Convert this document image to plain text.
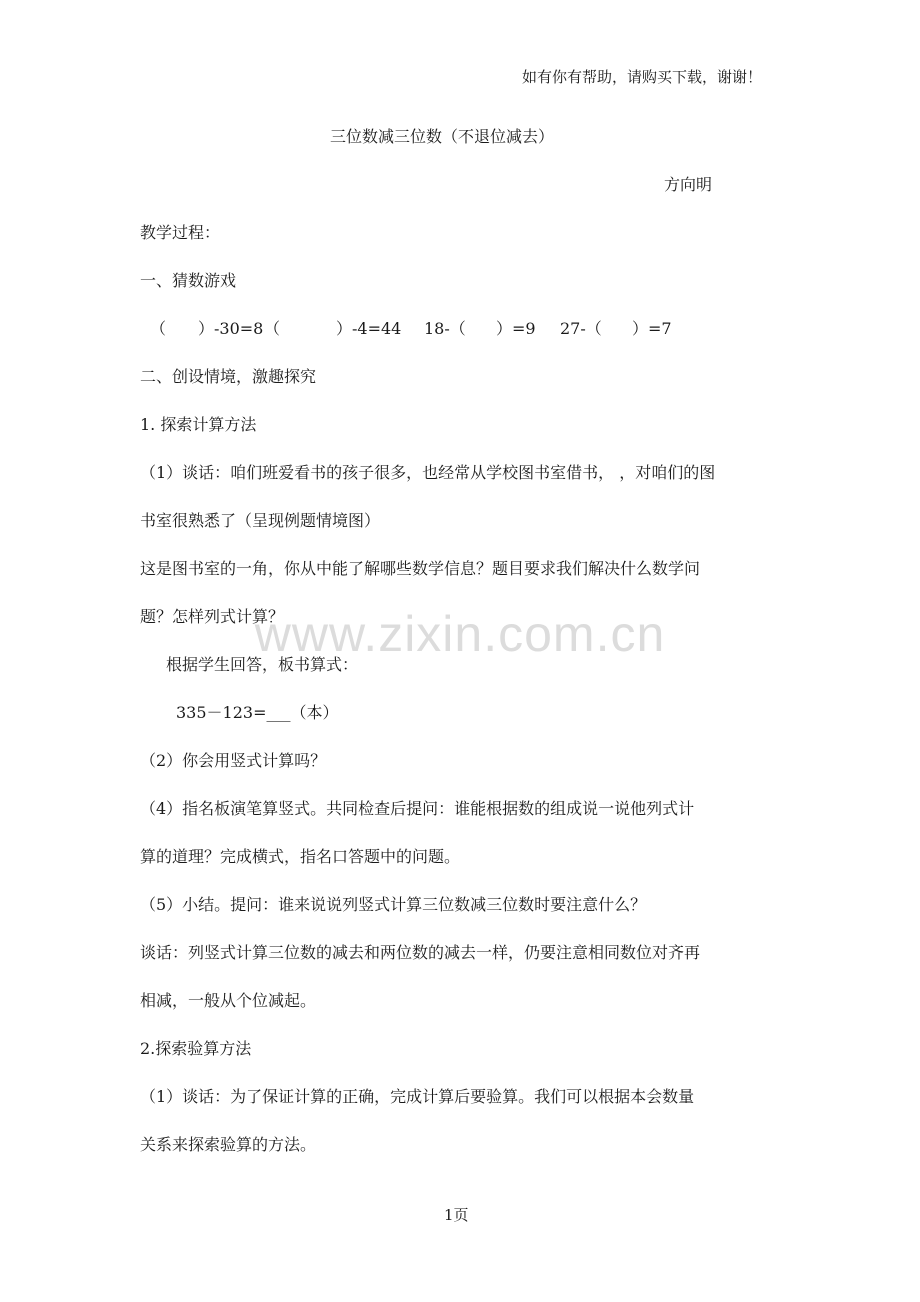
www.zixin.com.cn
如有你有帮助，请购买下载，谢谢！
三位数减三位数（不退位减去）
方向明
教学过程：
一、猜数游戏
（ ）-30=8 （	）-4=44 18-（ ）=9 27-（ ）=7
二、创设情境，激趣探究
1. 探索计算方法
（1）谈话：咱们班爱看书的孩子很多，也经常从学校图书室借书， ，对咱们的图
书室很熟悉了（呈现例题情境图）
这是图书室的一角，你从中能了解哪些数学信息？题目要求我们解决什么数学问
题？怎样列式计算？
根据学生回答，板书算式：
335－123=___（本）
（2）你会用竖式计算吗？
（4）指名板演笔算竖式。共同检查后提问：谁能根据数的组成说一说他列式计
算的道理？完成横式，指名口答题中的问题。
（5）小结。提问：谁来说说列竖式计算三位数减三位数时要注意什么？
谈话：列竖式计算三位数的减去和两位数的减去一样，仍要注意相同数位对齐再
相减，一般从个位减起。
2.探索验算方法
（1）谈话：为了保证计算的正确，完成计算后要验算。我们可以根据本会数量
关系来探索验算的方法。
1页
